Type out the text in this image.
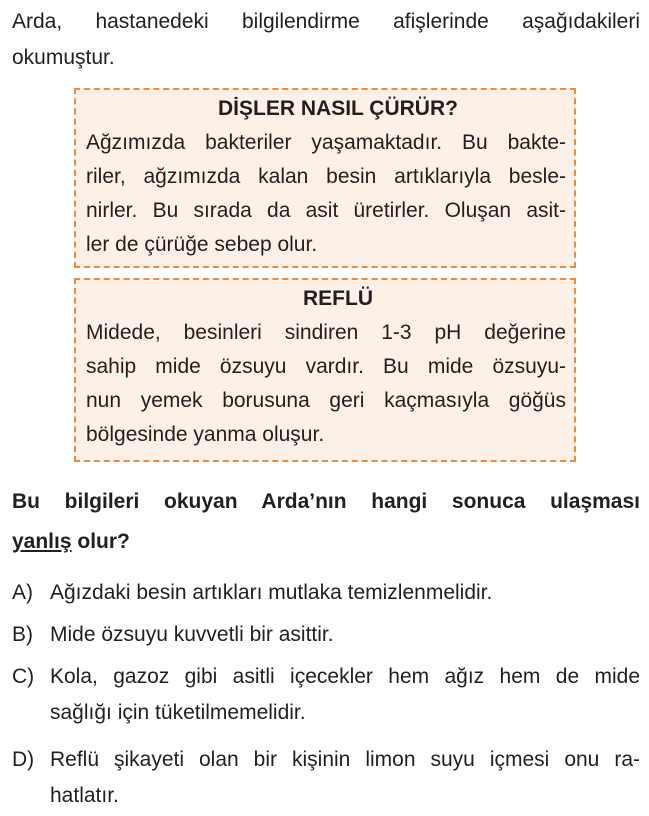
Arda, hastanedeki bilgilendirme afişlerinde aşağıdakileri
okumuştur.
DİŞLER NASIL ÇÜRÜR?
Ağzımızda bakteriler yaşamaktadır. Bu bakte-
riler, ağzımızda kalan besin artıklarıyla besle-
nirler. Bu sırada da asit üretirler. Oluşan asit-
ler de çürüğe sebep olur.
REFLÜ
Midede, besinleri sindiren 1-3 pH değerine
sahip mide özsuyu vardır. Bu mide özsuyu-
nun yemek borusuna geri kaçmasıyla göğüs
bölgesinde yanma oluşur.
Bu bilgileri okuyan Arda’nın hangi sonuca ulaşması
yanlış olur?
A) Ağızdaki besin artıkları mutlaka temizlenmelidir.
B) Mide özsuyu kuvvetli bir asittir.
C) Kola, gazoz gibi asitli içecekler hem ağız hem de mide
sağlığı için tüketilmemelidir.
D) Reflü şikayeti olan bir kişinin limon suyu içmesi onu ra-
hatlatır.
